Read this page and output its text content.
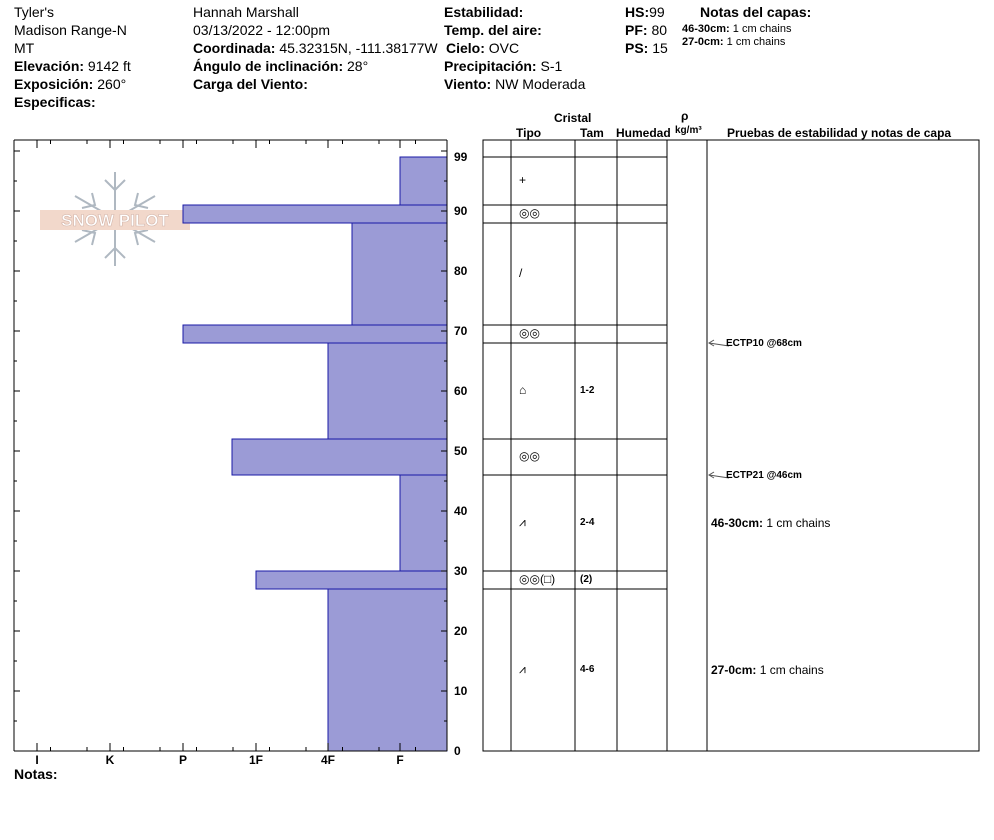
Tyler's
Madison Range-N
MT
Elevación: 9142 ft
Exposición: 260°
Especificas:
Hannah Marshall
03/13/2022 - 12:00pm
Coordinada: 45.32315N, -111.38177W
Ángulo de inclinación: 28°
Carga del Viento:
Estabilidad:
Temp. del aire:
Cielo: OVC
Precipitación: S-1
Viento: NW Moderada
HS:99
PF: 80
PS: 15
Notas del capas:
46-30cm: 1 cm chains
27-0cm: 1 cm chains
Cristal
Tipo	Tam Humedad
ρ
kg/m³ Pruebas de estabilidad y notas de capa
Notas:
SNOW PILOT
I	K	P	1F	4F	F
0
10
20
30
40
50
60
70
80
90
99
+
◎◎
/
◎◎
⌂	1-2
◎◎
⩘	2-4	46-30cm: 1 cm chains
◎◎(□) (2)
⩘	4-6	27-0cm: 1 cm chains
ECTP10 @68cm
ECTP21 @46cm
